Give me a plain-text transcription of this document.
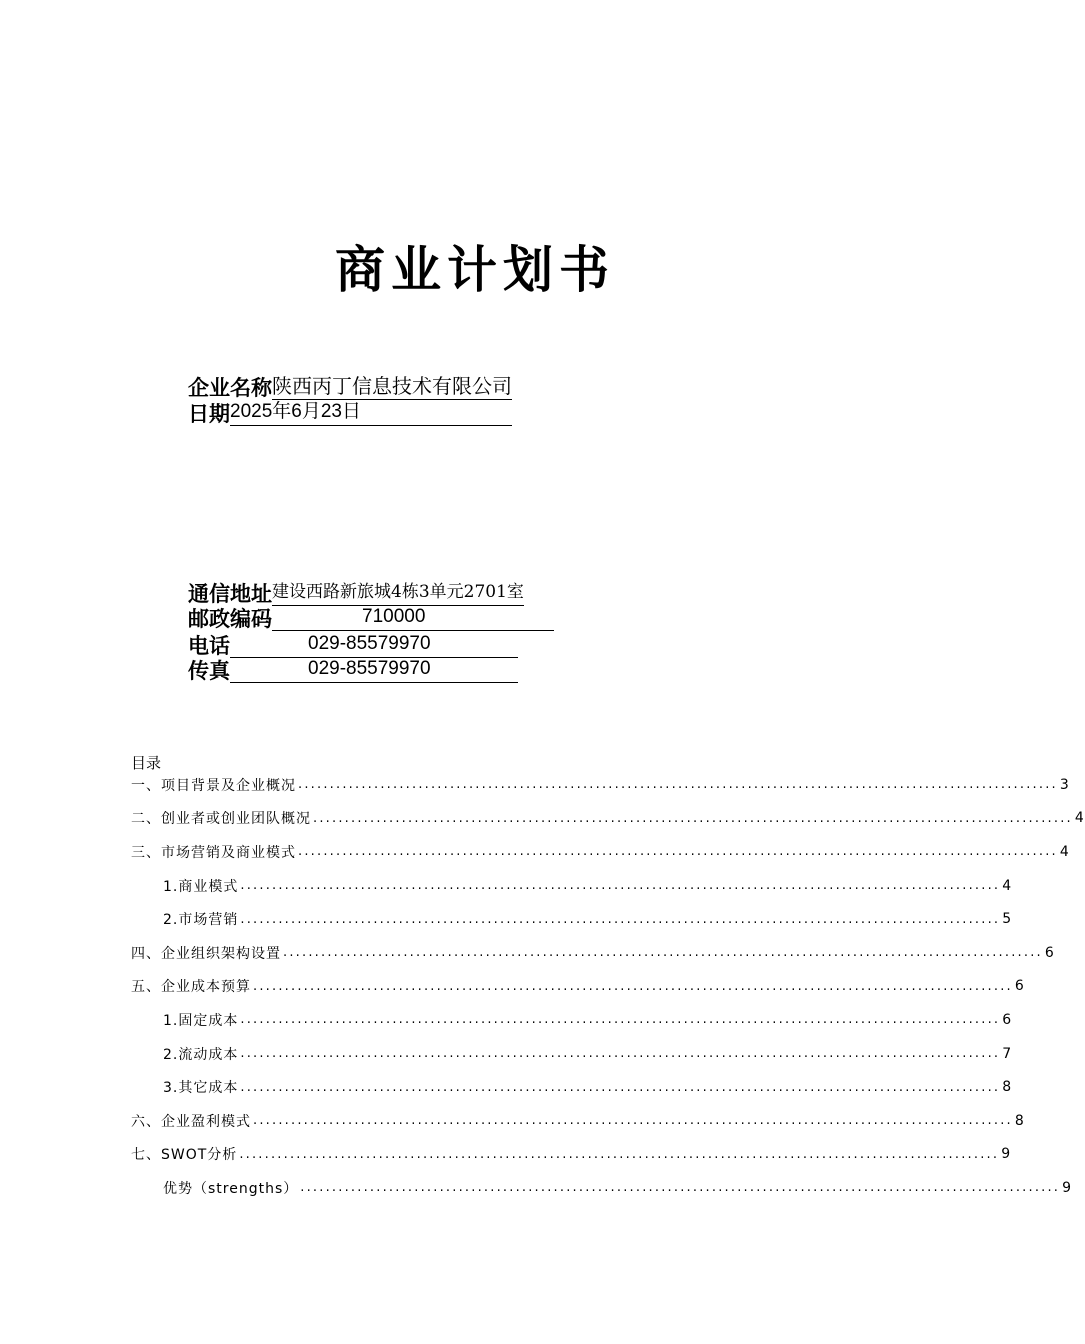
商业计划书
企业名称 陕西丙丁信息技术有限公司
日期 2025年6月23日
通信地址 建设西路新旅城4栋3单元2701室
邮政编码	710000
电话	029-85579970
传真	029-85579970
目录
一、项目背景及企业概况 ........................................................................................................................ 3
二、创业者或创业团队概况 ........................................................................................................................ 4
三、市场营销及商业模式 ........................................................................................................................ 4
1.商业模式 ........................................................................................................................ 4
2.市场营销 ........................................................................................................................ 5
四、企业组织架构设置 ........................................................................................................................ 6
五、企业成本预算 ........................................................................................................................ 6
1.固定成本 ........................................................................................................................ 6
2.流动成本 ........................................................................................................................ 7
3.其它成本 ........................................................................................................................ 8
六、企业盈利模式 ........................................................................................................................ 8
七、SWOT分析 ........................................................................................................................ 9
优势（strengths） ........................................................................................................................ 9
